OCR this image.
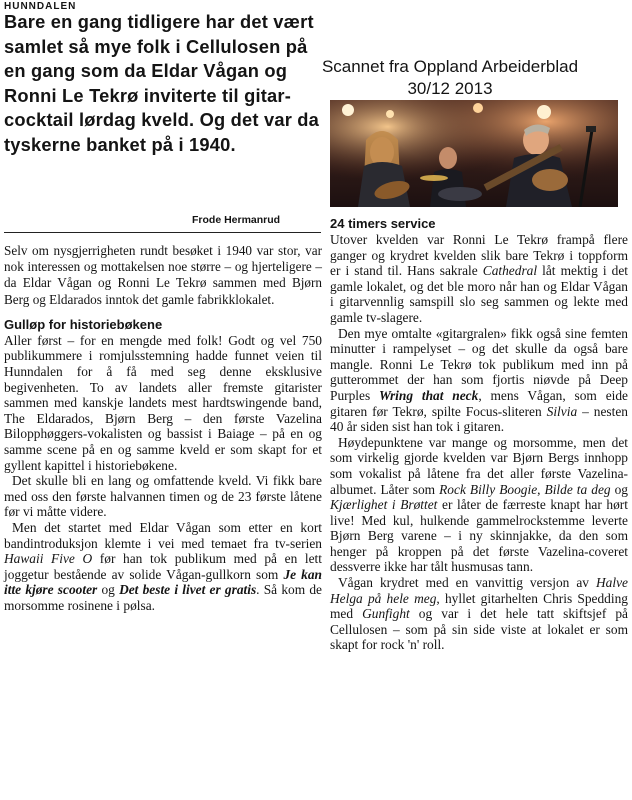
HUNNDALEN
Bare en gang tidligere har det vært samlet så mye folk i Cellulosen på en gang som da Eldar Vågan og Ronni Le Tekrø inviterte til gitar-cocktail lørdag kveld. Og det var da tyskerne banket på i 1940.
Scannet fra Oppland Arbeiderblad
30/12 2013
Frode Hermanrud

Selv om nysgjerrigheten rundt besøket i 1940 var stor, var nok interessen og mottakelsen noe større – og hjerteligere – da Eldar Vågan og Ronni Le Tekrø sammen med Bjørn Berg og Eldarados inntok det gamle fabrikklokalet.

Gulløp for historiebøkene

Aller først – for en mengde med folk! Godt og vel 750 publikummere i romjulsstemning hadde funnet veien til Hunndalen for å få med seg denne eksklusive begivenheten. To av landets aller fremste gitarister sammen med kanskje landets mest hardtswingende band, The Eldarados, Bjørn Berg – den første Vazelina Bilopphøggers-vokalisten og bassist i Baiage – på en og samme scene på en og samme kveld er som skapt for et gyllent kapittel i historiebøkene.

Det skulle bli en lang og omfattende kveld. Vi fikk bare med oss den første halvannen timen og de 23 første låtene før vi måtte videre.

Men det startet med Eldar Vågan som etter en kort bandintroduksjon klemte i vei med temaet fra tv-serien Hawaii Five O før han tok publikum med på en lett joggetur bestående av solide Vågan-gullkorn som Je kan itte kjøre scooter og Det beste i livet er gratis. Så kom de morsomme rosinene i pølsa.

24 timers service

Utover kvelden var Ronni Le Tekrø frampå flere ganger og krydret kvelden slik bare Tekrø i toppform er i stand til. Hans sakrale Cathedral låt mektig i det gamle lokalet, og det ble moro når han og Eldar Vågan i gitarvennlig samspill slo seg sammen og lekte med gamle tv-slagere.

Den mye omtalte «gitargralen» fikk også sine femten minutter i rampelyset – og det skulle da også bare mangle. Ronni Le Tekrø tok publikum med inn på gutterommet der han som fjortis niøvde på Deep Purples Wring that neck, mens Vågan, som eide gitaren før Tekrø, spilte Focus-sliteren Silvia – nesten 40 år siden sist han tok i gitaren.

Høydepunktene var mange og morsomme, men det som virkelig gjorde kvelden var Bjørn Bergs innhopp som vokalist på låtene fra det aller første Vazelina-albumet. Låter som Rock Billy Boogie, Bilde ta deg og Kjærlighet i Brøttet er låter de færreste knapt har hørt live! Med kul, hulkende gammelrockstemme leverte Bjørn Berg varene – i ny skinnjakke, da den som henger på kroppen på det første Vazelina-coveret dessverre ikke har tålt husmusas tann.

Vågan krydret med en vanvittig versjon av Halve Helga på hele meg, hyllet gitarhelten Chris Spedding med Gunfight og var i det hele tatt skiftsjef på Cellulosen – som på sin side viste at lokalet er som skapt for rock 'n' roll.
